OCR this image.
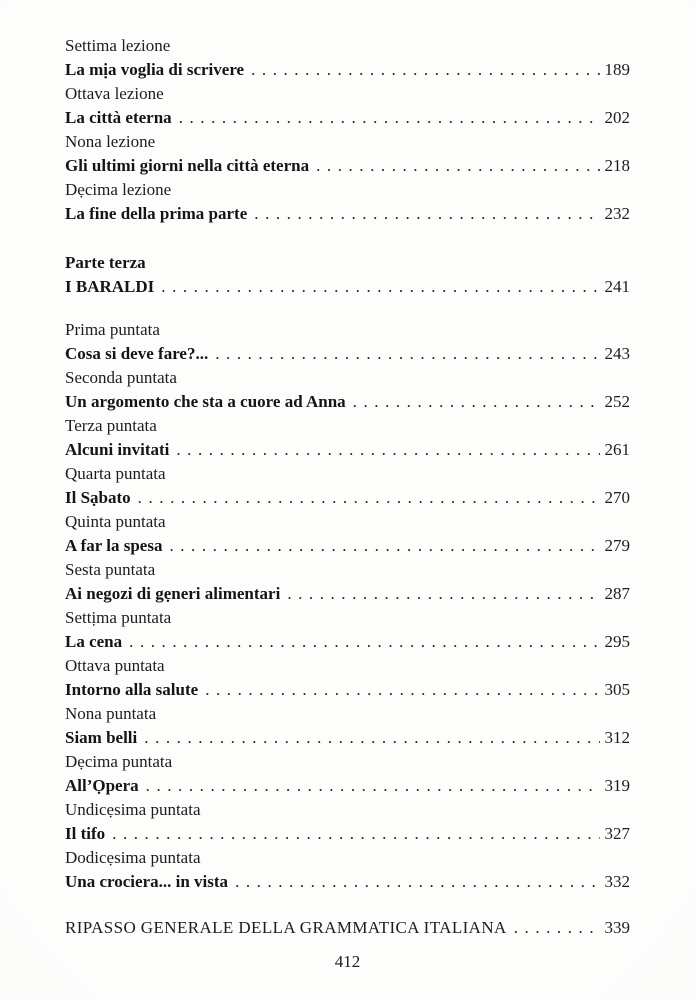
Settima lezione
La mịa voglia di scrivere . . .	189
Ottava lezione
La città eterna . . .	202
Nona lezione
Gli ultimi giorni nella città eterna . . .	218
Dẹcima lezione
La fine della prima parte . . .	232
Parte terza
I BARALDI . . .	241
Prima puntata
Cosa si deve fare?... . . .	243
Seconda puntata
Un argomento che sta a cuore ad Anna . . .	252
Terza puntata
Alcuni invitati . . .	261
Quarta puntata
Il Sạbato . . .	270
Quinta puntata
A far la spesa . . .	279
Sesta puntata
Ai negozi di gẹneri alimentari . . .	287
Settịma puntata
La cena . . .	295
Ottava puntata
Intorno alla salute . . .	305
Nona puntata
Siam belli . . .	312
Dẹcima puntata
All’Ọpera . . .	319
Undicẹsima puntata
Il tifo . . .	327
Dodicẹsima puntata
Una crociera... in vista . . .	332
RIPASSO GENERALE DELLA GRAMMATICA ITALIANA . . .	339
412
